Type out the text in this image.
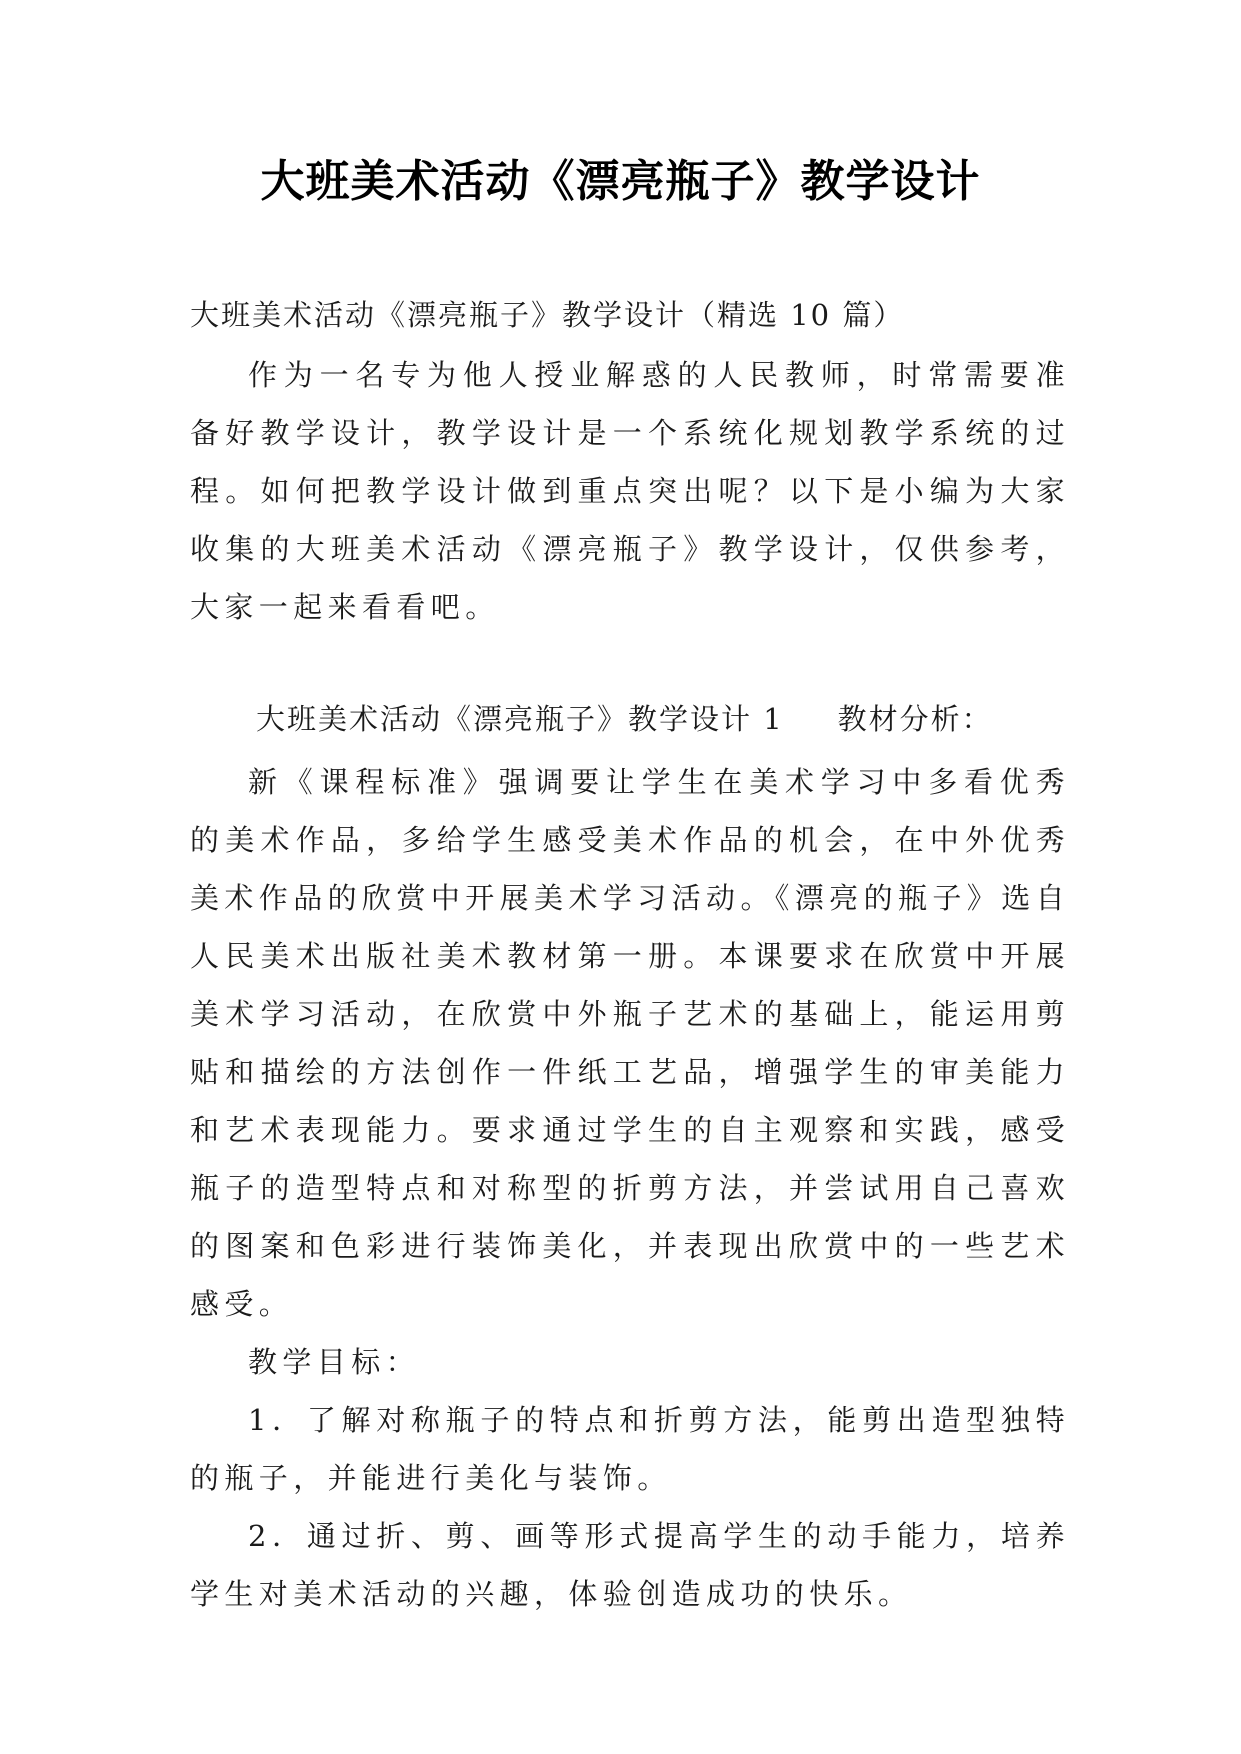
大班美术活动《漂亮瓶子》教学设计
大班美术活动《漂亮瓶子》教学设计（精选 10 篇）

作为一名专为他人授业解惑的人民教师，时常需要准备好教学设计，教学设计是一个系统化规划教学系统的过程。如何把教学设计做到重点突出呢？以下是小编为大家收集的大班美术活动《漂亮瓶子》教学设计，仅供参考，大家一起来看看吧。

大班美术活动《漂亮瓶子》教学设计 1 教材分析：

新《课程标准》强调要让学生在美术学习中多看优秀的美术作品，多给学生感受美术作品的机会，在中外优秀美术作品的欣赏中开展美术学习活动。《漂亮的瓶子》选自人民美术出版社美术教材第一册。本课要求在欣赏中开展美术学习活动，在欣赏中外瓶子艺术的基础上，能运用剪贴和描绘的方法创作一件纸工艺品，增强学生的审美能力和艺术表现能力。要求通过学生的自主观察和实践，感受瓶子的造型特点和对称型的折剪方法，并尝试用自己喜欢的图案和色彩进行装饰美化，并表现出欣赏中的一些艺术感受。

教学目标：

1．了解对称瓶子的特点和折剪方法，能剪出造型独特的瓶子，并能进行美化与装饰。

2．通过折、剪、画等形式提高学生的动手能力，培养学生对美术活动的兴趣，体验创造成功的快乐。
